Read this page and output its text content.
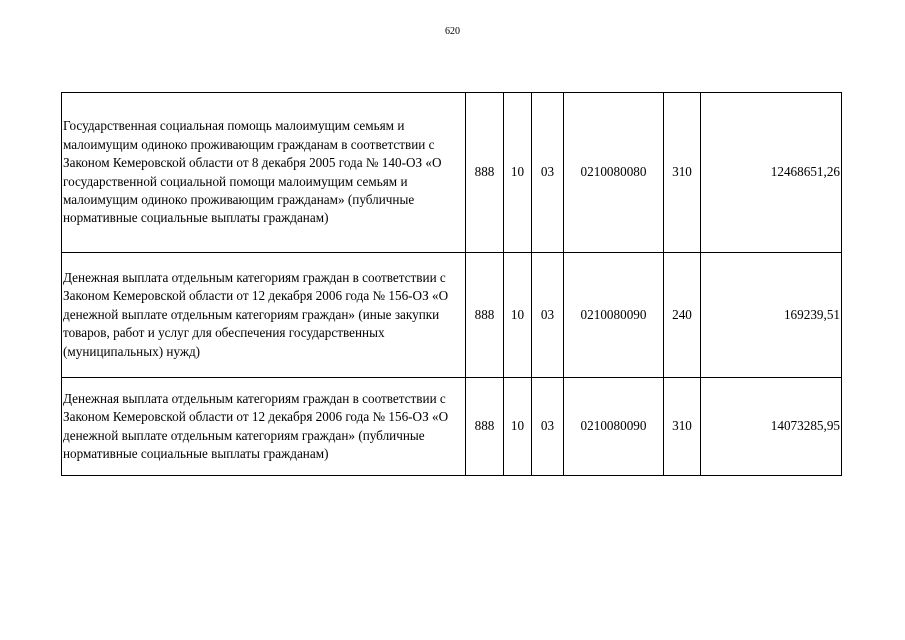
620
Государственная социальная помощь малоимущим семьям и малоимущим одиноко проживающим гражданам в соответствии с Законом Кемеровской области от 8 декабря 2005 года № 140-ОЗ «О государственной социальной помощи малоимущим семьям и малоимущим одиноко проживающим гражданам» (публичные нормативные социальные выплаты гражданам)	888	10	03	0210080080	310	12468651,26
Денежная выплата отдельным категориям граждан в соответствии с Законом Кемеровской области от 12 декабря 2006 года № 156-ОЗ «О денежной выплате отдельным категориям граждан» (иные закупки товаров, работ и услуг для обеспечения государственных (муниципальных) нужд)	888	10	03	0210080090	240	169239,51
Денежная выплата отдельным категориям граждан в соответствии с Законом Кемеровской области от 12 декабря 2006 года № 156-ОЗ «О денежной выплате отдельным категориям граждан» (публичные нормативные социальные выплаты гражданам)	888	10	03	0210080090	310	14073285,95
